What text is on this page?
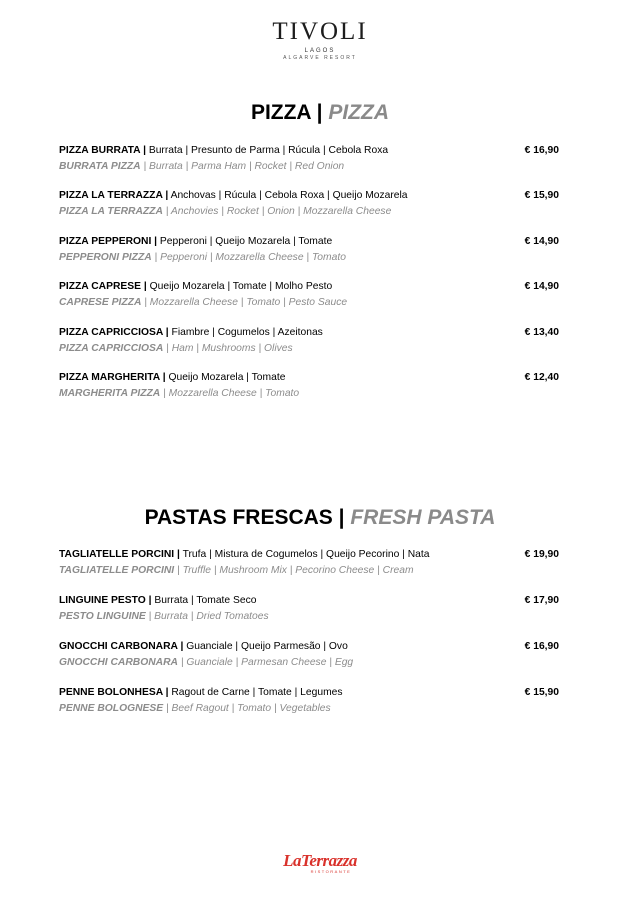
TIVOLI
LAGOS
ALGARVE RESORT
PIZZA | PIZZA
PIZZA BURRATA | Burrata | Presunto de Parma | Rúcula | Cebola Roxa
BURRATA PIZZA | Burrata | Parma Ham | Rocket | Red Onion
€ 16,90
PIZZA LA TERRAZZA | Anchovas | Rúcula | Cebola Roxa | Queijo Mozarela
PIZZA LA TERRAZZA | Anchovies | Rocket | Onion | Mozzarella Cheese
€ 15,90
PIZZA PEPPERONI | Pepperoni | Queijo Mozarela | Tomate
PEPPERONI PIZZA | Pepperoni | Mozzarella Cheese | Tomato
€ 14,90
PIZZA CAPRESE | Queijo Mozarela | Tomate | Molho Pesto
CAPRESE PIZZA | Mozzarella Cheese | Tomato | Pesto Sauce
€ 14,90
PIZZA CAPRICCIOSA | Fiambre | Cogumelos | Azeitonas
PIZZA CAPRICCIOSA | Ham | Mushrooms | Olives
€ 13,40
PIZZA MARGHERITA | Queijo Mozarela | Tomate
MARGHERITA PIZZA | Mozzarella Cheese | Tomato
€ 12,40
PASTAS FRESCAS | FRESH PASTA
TAGLIATELLE PORCINI | Trufa | Mistura de Cogumelos | Queijo Pecorino | Nata
TAGLIATELLE PORCINI | Truffle | Mushroom Mix | Pecorino Cheese | Cream
€ 19,90
LINGUINE PESTO | Burrata | Tomate Seco
PESTO LINGUINE | Burrata | Dried Tomatoes
€ 17,90
GNOCCHI CARBONARA | Guanciale | Queijo Parmesão | Ovo
GNOCCHI CARBONARA | Guanciale | Parmesan Cheese | Egg
€ 16,90
PENNE BOLONHESA | Ragout de Carne | Tomate | Legumes
PENNE BOLOGNESE | Beef Ragout | Tomato | Vegetables
€ 15,90
LaTerrazza
RISTORANTE
